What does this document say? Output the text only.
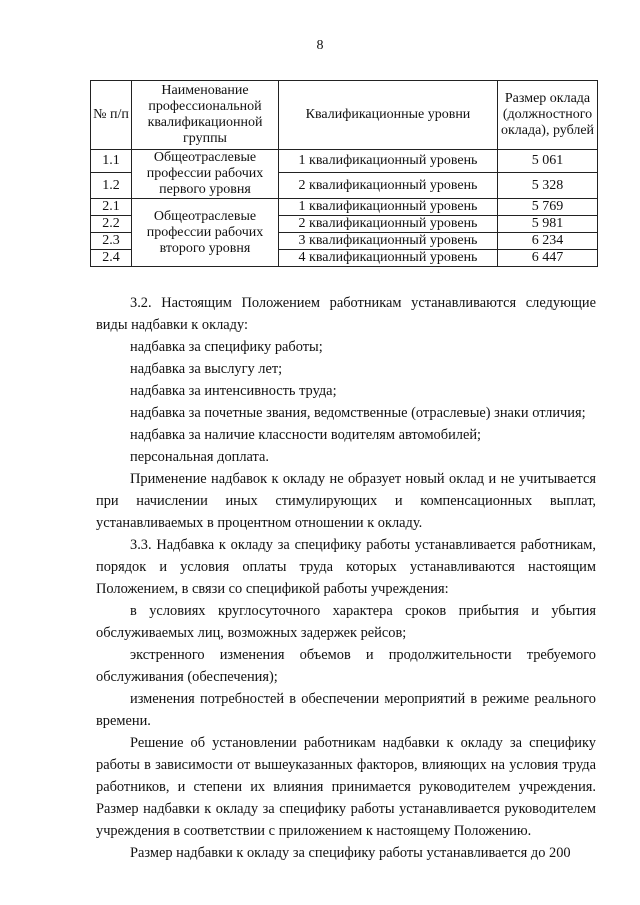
8
№ п/п	Наименование профессиональной квалификационной группы	Квалификационные уровни	Размер оклада (должностного оклада), рублей
1.1	Общеотраслевые профессии рабочих первого уровня	1 квалификационный уровень	5 061
1.2		2 квалификационный уровень	5 328
2.1	Общеотраслевые профессии рабочих второго уровня	1 квалификационный уровень	5 769
2.2		2 квалификационный уровень	5 981
2.3		3 квалификационный уровень	6 234
2.4		4 квалификационный уровень	6 447

3.2. Настоящим Положением работникам устанавливаются следующие виды надбавки к окладу:

надбавка за специфику работы;

надбавка за выслугу лет;

надбавка за интенсивность труда;

надбавка за почетные звания, ведомственные (отраслевые) знаки отличия;

надбавка за наличие классности водителям автомобилей;

персональная доплата.

Применение надбавок к окладу не образует новый оклад и не учитывается при начислении иных стимулирующих и компенсационных выплат, устанавливаемых в процентном отношении к окладу.

3.3. Надбавка к окладу за специфику работы устанавливается работникам, порядок и условия оплаты труда которых устанавливаются настоящим Положением, в связи со спецификой работы учреждения:

в условиях круглосуточного характера сроков прибытия и убытия обслуживаемых лиц, возможных задержек рейсов;

экстренного изменения объемов и продолжительности требуемого обслуживания (обеспечения);

изменения потребностей в обеспечении мероприятий в режиме реального времени.

Решение об установлении работникам надбавки к окладу за специфику работы в зависимости от вышеуказанных факторов, влияющих на условия труда работников, и степени их влияния принимается руководителем учреждения. Размер надбавки к окладу за специфику работы устанавливается руководителем учреждения в соответствии с приложением к настоящему Положению.

Размер надбавки к окладу за специфику работы устанавливается до 200
